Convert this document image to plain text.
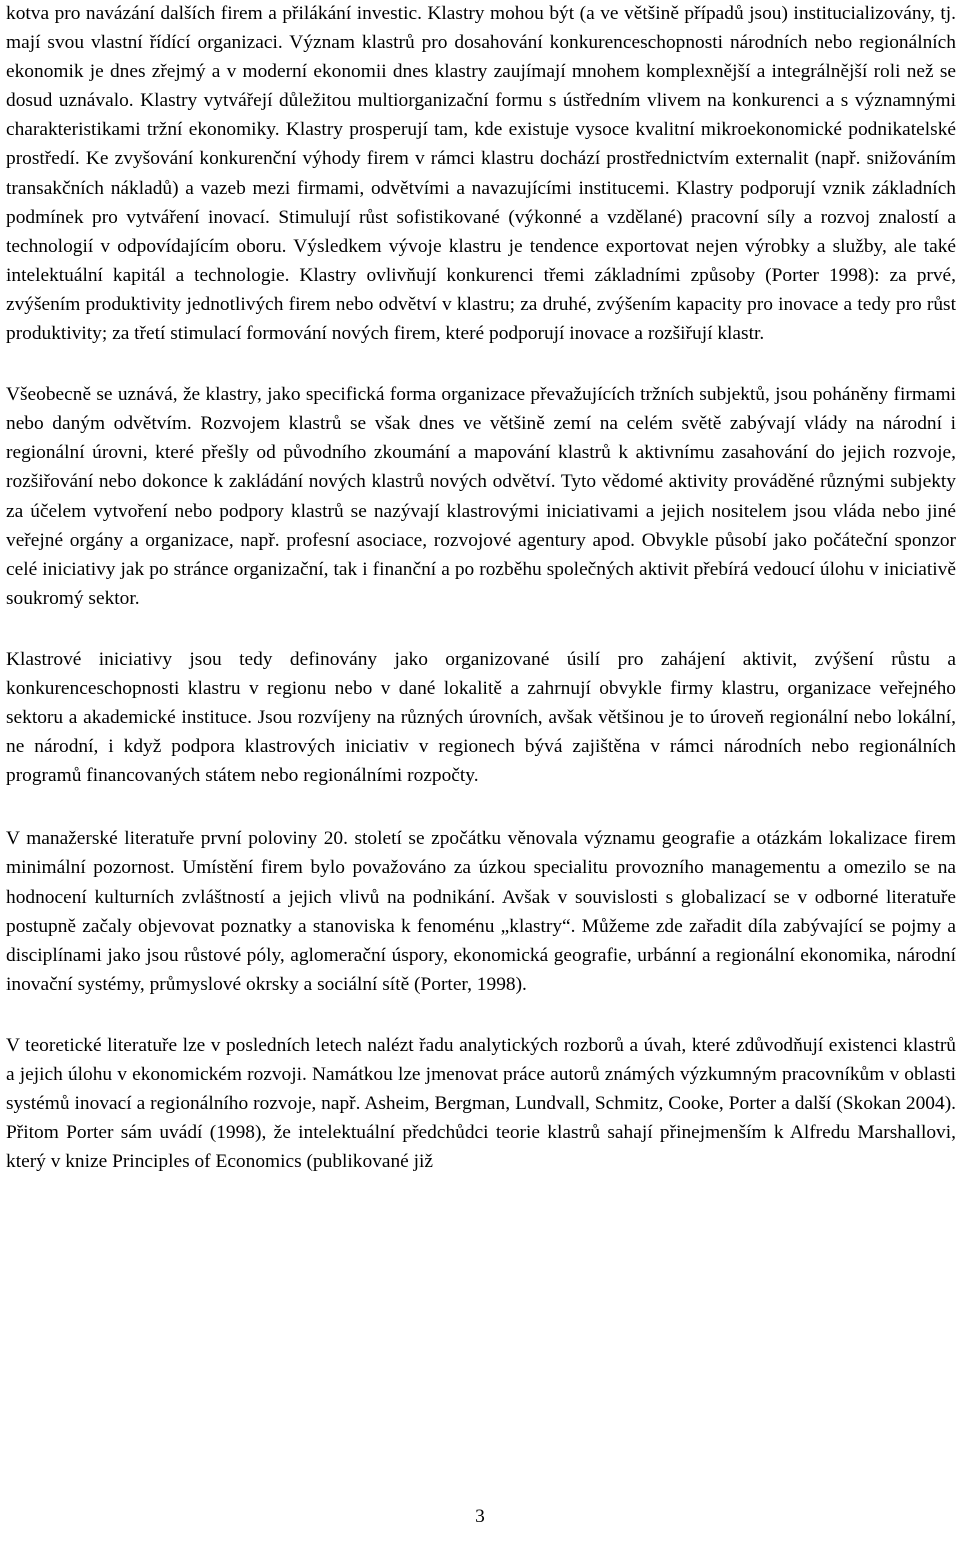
kotva pro navázání dalších firem a přilákání investic. Klastry mohou být (a ve většině případů jsou) institucializovány, tj. mají svou vlastní řídící organizaci. Význam klastrů pro dosahování konkurenceschopnosti národních nebo regionálních ekonomik je dnes zřejmý a v moderní ekonomii dnes klastry zaujímají mnohem komplexnější a integrálnější roli než se dosud uznávalo. Klastry vytvářejí důležitou multiorganizační formu s ústředním vlivem na konkurenci a s významnými charakteristikami tržní ekonomiky. Klastry prosperují tam, kde existuje vysoce kvalitní mikroekonomické podnikatelské prostředí. Ke zvyšování konkurenční výhody firem v rámci klastru dochází prostřednictvím externalit (např. snižováním transakčních nákladů) a vazeb mezi firmami, odvětvími a navazujícími institucemi. Klastry podporují vznik základních podmínek pro vytváření inovací. Stimulují růst sofistikované (výkonné a vzdělané) pracovní síly a rozvoj znalostí a technologií v odpovídajícím oboru. Výsledkem vývoje klastru je tendence exportovat nejen výrobky a služby, ale také intelektuální kapitál a technologie. Klastry ovlivňují konkurenci třemi základními způsoby (Porter 1998): za prvé, zvýšením produktivity jednotlivých firem nebo odvětví v klastru; za druhé, zvýšením kapacity pro inovace a tedy pro růst produktivity; za třetí stimulací formování nových firem, které podporují inovace a rozšiřují klastr.

Všeobecně se uznává, že klastry, jako specifická forma organizace převažujících tržních subjektů, jsou poháněny firmami nebo daným odvětvím. Rozvojem klastrů se však dnes ve většině zemí na celém světě zabývají vlády na národní i regionální úrovni, které přešly od původního zkoumání a mapování klastrů k aktivnímu zasahování do jejich rozvoje, rozšiřování nebo dokonce k zakládání nových klastrů nových odvětví. Tyto vědomé aktivity prováděné různými subjekty za účelem vytvoření nebo podpory klastrů se nazývají klastrovými iniciativami a jejich nositelem jsou vláda nebo jiné veřejné orgány a organizace, např. profesní asociace, rozvojové agentury apod. Obvykle působí jako počáteční sponzor celé iniciativy jak po stránce organizační, tak i finanční a po rozběhu společných aktivit přebírá vedoucí úlohu v iniciativě soukromý sektor.

Klastrové iniciativy jsou tedy definovány jako organizované úsilí pro zahájení aktivit, zvýšení růstu a konkurenceschopnosti klastru v regionu nebo v dané lokalitě a zahrnují obvykle firmy klastru, organizace veřejného sektoru a akademické instituce. Jsou rozvíjeny na různých úrovních, avšak většinou je to úroveň regionální nebo lokální, ne národní, i když podpora klastrových iniciativ v regionech bývá zajištěna v rámci národních nebo regionálních programů financovaných státem nebo regionálními rozpočty.

V manažerské literatuře první poloviny 20. století se zpočátku věnovala významu geografie a otázkám lokalizace firem minimální pozornost. Umístění firem bylo považováno za úzkou specialitu provozního managementu a omezilo se na hodnocení kulturních zvláštností a jejich vlivů na podnikání. Avšak v souvislosti s globalizací se v odborné literatuře postupně začaly objevovat poznatky a stanoviska k fenoménu „klastry“. Můžeme zde zařadit díla zabývající se pojmy a disciplínami jako jsou růstové póly, aglomerační úspory, ekonomická geografie, urbánní a regionální ekonomika, národní inovační systémy, průmyslové okrsky a sociální sítě (Porter, 1998).

V teoretické literatuře lze v posledních letech nalézt řadu analytických rozborů a úvah, které zdůvodňují existenci klastrů a jejich úlohu v ekonomickém rozvoji. Namátkou lze jmenovat práce autorů známých výzkumným pracovníkům v oblasti systémů inovací a regionálního rozvoje, např. Asheim, Bergman, Lundvall, Schmitz, Cooke, Porter a další (Skokan 2004). Přitom Porter sám uvádí (1998), že intelektuální předchůdci teorie klastrů sahají přinejmenším k Alfredu Marshallovi, který v knize Principles of Economics (publikované již

3
